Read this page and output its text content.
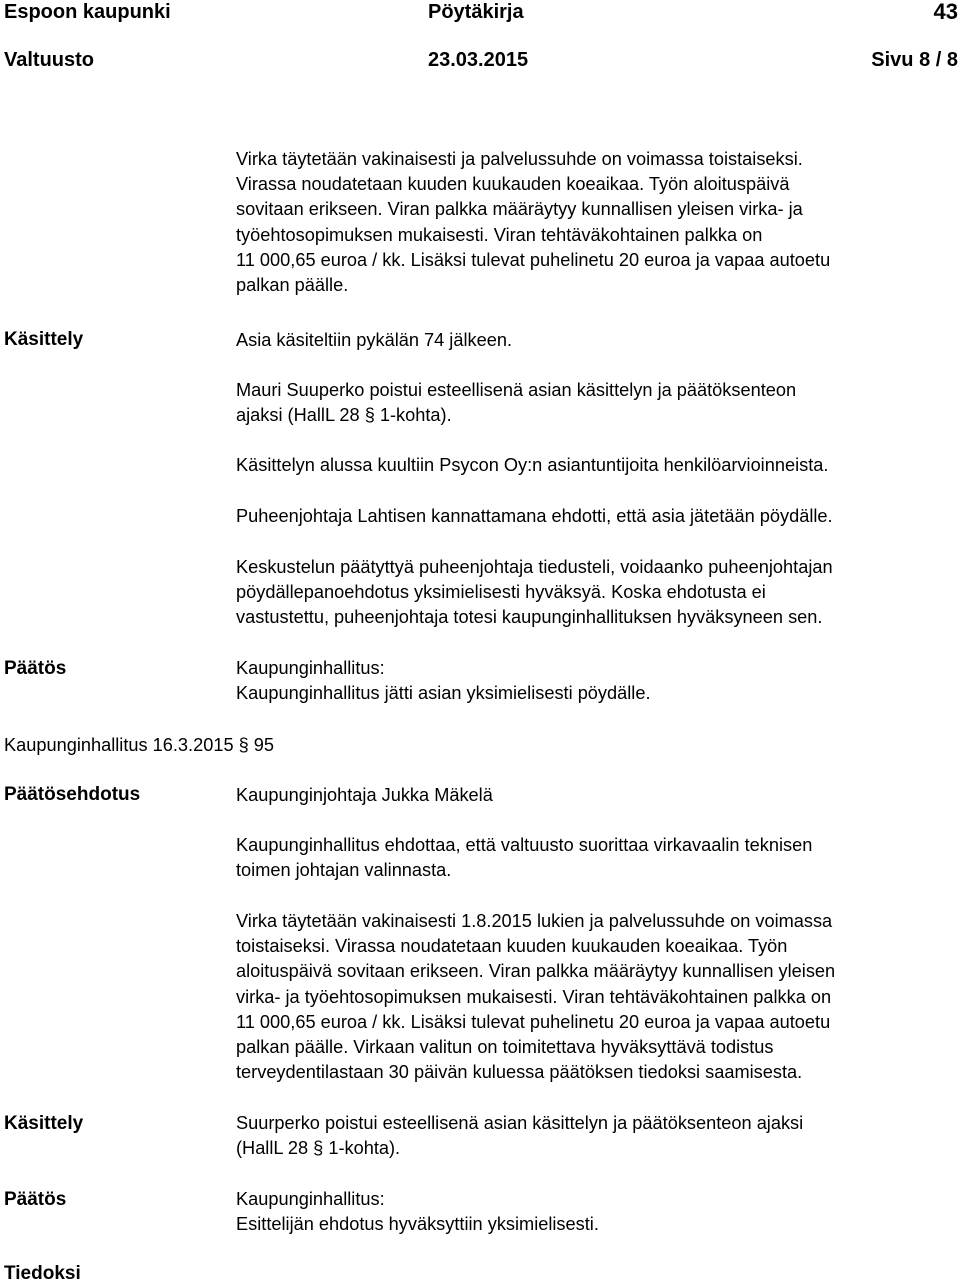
Espoon kaupunki	Pöytäkirja	43
Valtuusto	23.03.2015	Sivu 8 / 8
Virka täytetään vakinaisesti ja palvelussuhde on voimassa toistaiseksi.
Virassa noudatetaan kuuden kuukauden koeaikaa. Työn aloituspäivä
sovitaan erikseen. Viran palkka määräytyy kunnallisen yleisen virka- ja
työehtosopimuksen mukaisesti. Viran tehtäväkohtainen palkka on
11 000,65 euroa / kk. Lisäksi tulevat puhelinetu 20 euroa ja vapaa autoetu
palkan päälle.
Käsittely	Asia käsiteltiin pykälän 74 jälkeen.
Mauri Suuperko poistui esteellisenä asian käsittelyn ja päätöksenteon
ajaksi (HallL 28 § 1-kohta).
Käsittelyn alussa kuultiin Psycon Oy:n asiantuntijoita henkilöarvioinneista.
Puheenjohtaja Lahtisen kannattamana ehdotti, että asia jätetään pöydälle.
Keskustelun päätyttyä puheenjohtaja tiedusteli, voidaanko puheenjohtajan
pöydällepanoehdotus yksimielisesti hyväksyä. Koska ehdotusta ei
vastustettu, puheenjohtaja totesi kaupunginhallituksen hyväksyneen sen.
Päätös	Kaupunginhallitus:
Kaupunginhallitus jätti asian yksimielisesti pöydälle.
Kaupunginhallitus 16.3.2015 § 95
Päätösehdotus	Kaupunginjohtaja Jukka Mäkelä
Kaupunginhallitus ehdottaa, että valtuusto suorittaa virkavaalin teknisen
toimen johtajan valinnasta.
Virka täytetään vakinaisesti 1.8.2015 lukien ja palvelussuhde on voimassa
toistaiseksi. Virassa noudatetaan kuuden kuukauden koeaikaa. Työn
aloituspäivä sovitaan erikseen. Viran palkka määräytyy kunnallisen yleisen
virka- ja työehtosopimuksen mukaisesti. Viran tehtäväkohtainen palkka on
11 000,65 euroa / kk. Lisäksi tulevat puhelinetu 20 euroa ja vapaa autoetu
palkan päälle. Virkaan valitun on toimitettava hyväksyttävä todistus
terveydentilastaan 30 päivän kuluessa päätöksen tiedoksi saamisesta.
Käsittely	Suurperko poistui esteellisenä asian käsittelyn ja päätöksenteon ajaksi
(HallL 28 § 1-kohta).
Päätös	Kaupunginhallitus:
Esittelijän ehdotus hyväksyttiin yksimielisesti.
Tiedoksi
